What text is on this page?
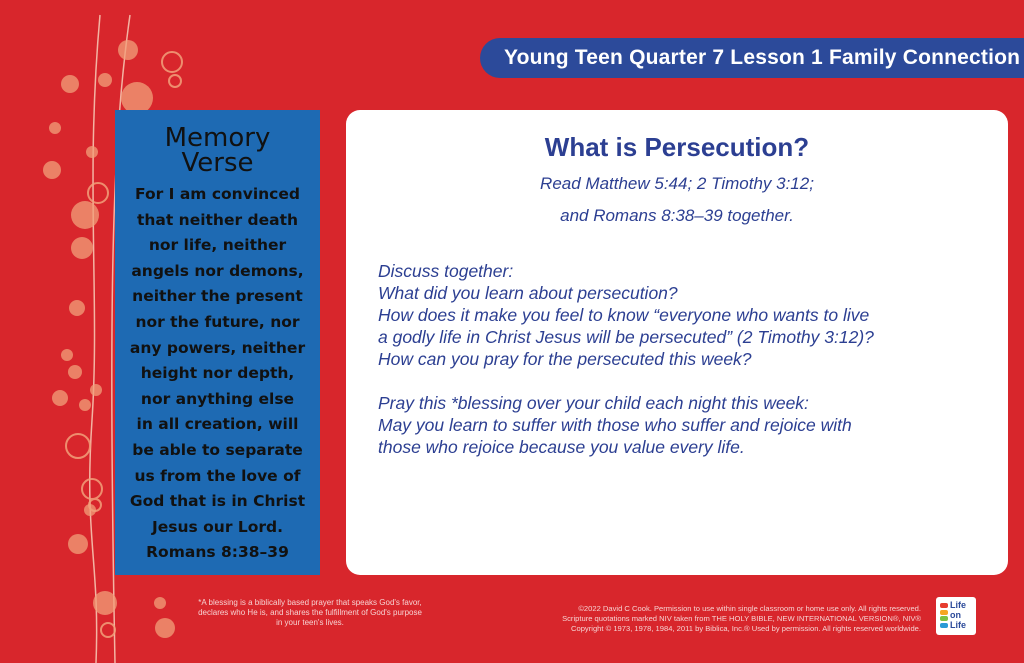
Young Teen Quarter 7 Lesson 1 Family Connection
Memory
Verse

For I am convinced
that neither death
nor life, neither
angels nor demons,
neither the present
nor the future, nor
any powers, neither
height nor depth,
nor anything else
in all creation, will
be able to separate
us from the love of
God that is in Christ
Jesus our Lord.

Romans 8:38–39

What is Persecution?
Read Matthew 5:44; 2 Timothy 3:12;
and Romans 8:38–39 together.
Discuss together:
What did you learn about persecution?
How does it make you feel to know “everyone who wants to live
a godly life in Christ Jesus will be persecuted” (2 Timothy 3:12)?
How can you pray for the persecuted this week?
Pray this *blessing over your child each night this week:
May you learn to suffer with those who suffer and rejoice with
those who rejoice because you value every life.
*A blessing is a biblically based prayer that speaks God's favor, declares who He is, and shares the fulfillment of God's purpose in your teen's lives.
©2022 David C Cook. Permission to use within single classroom or home use only. All rights reserved.
Scripture quotations marked NIV taken from THE HOLY BIBLE, NEW INTERNATIONAL VERSION®, NIV®
Copyright © 1973, 1978, 1984, 2011 by Biblica, Inc.® Used by permission. All rights reserved worldwide.
Life
on
Life
